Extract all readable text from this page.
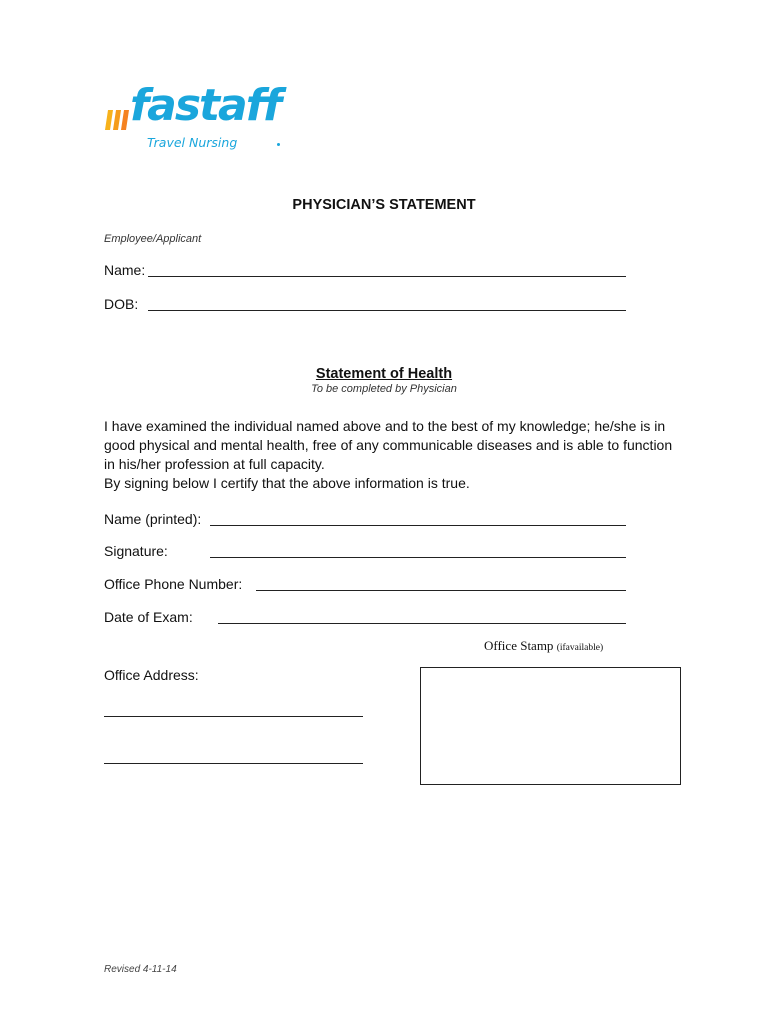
fastaff
Travel Nursing
PHYSICIAN’S STATEMENT
Employee/Applicant
Name:
DOB:
Statement of Health
To be completed by Physician

I have examined the individual named above and to the best of my knowledge; he/she is in good physical and mental health, free of any communicable diseases and is able to function in his/her profession at full capacity.

By signing below I certify that the above information is true.

Name (printed):
Signature:
Office Phone Number:
Date of Exam:
Office Stamp (ifavailable)
Office Address:
Revised 4-11-14
